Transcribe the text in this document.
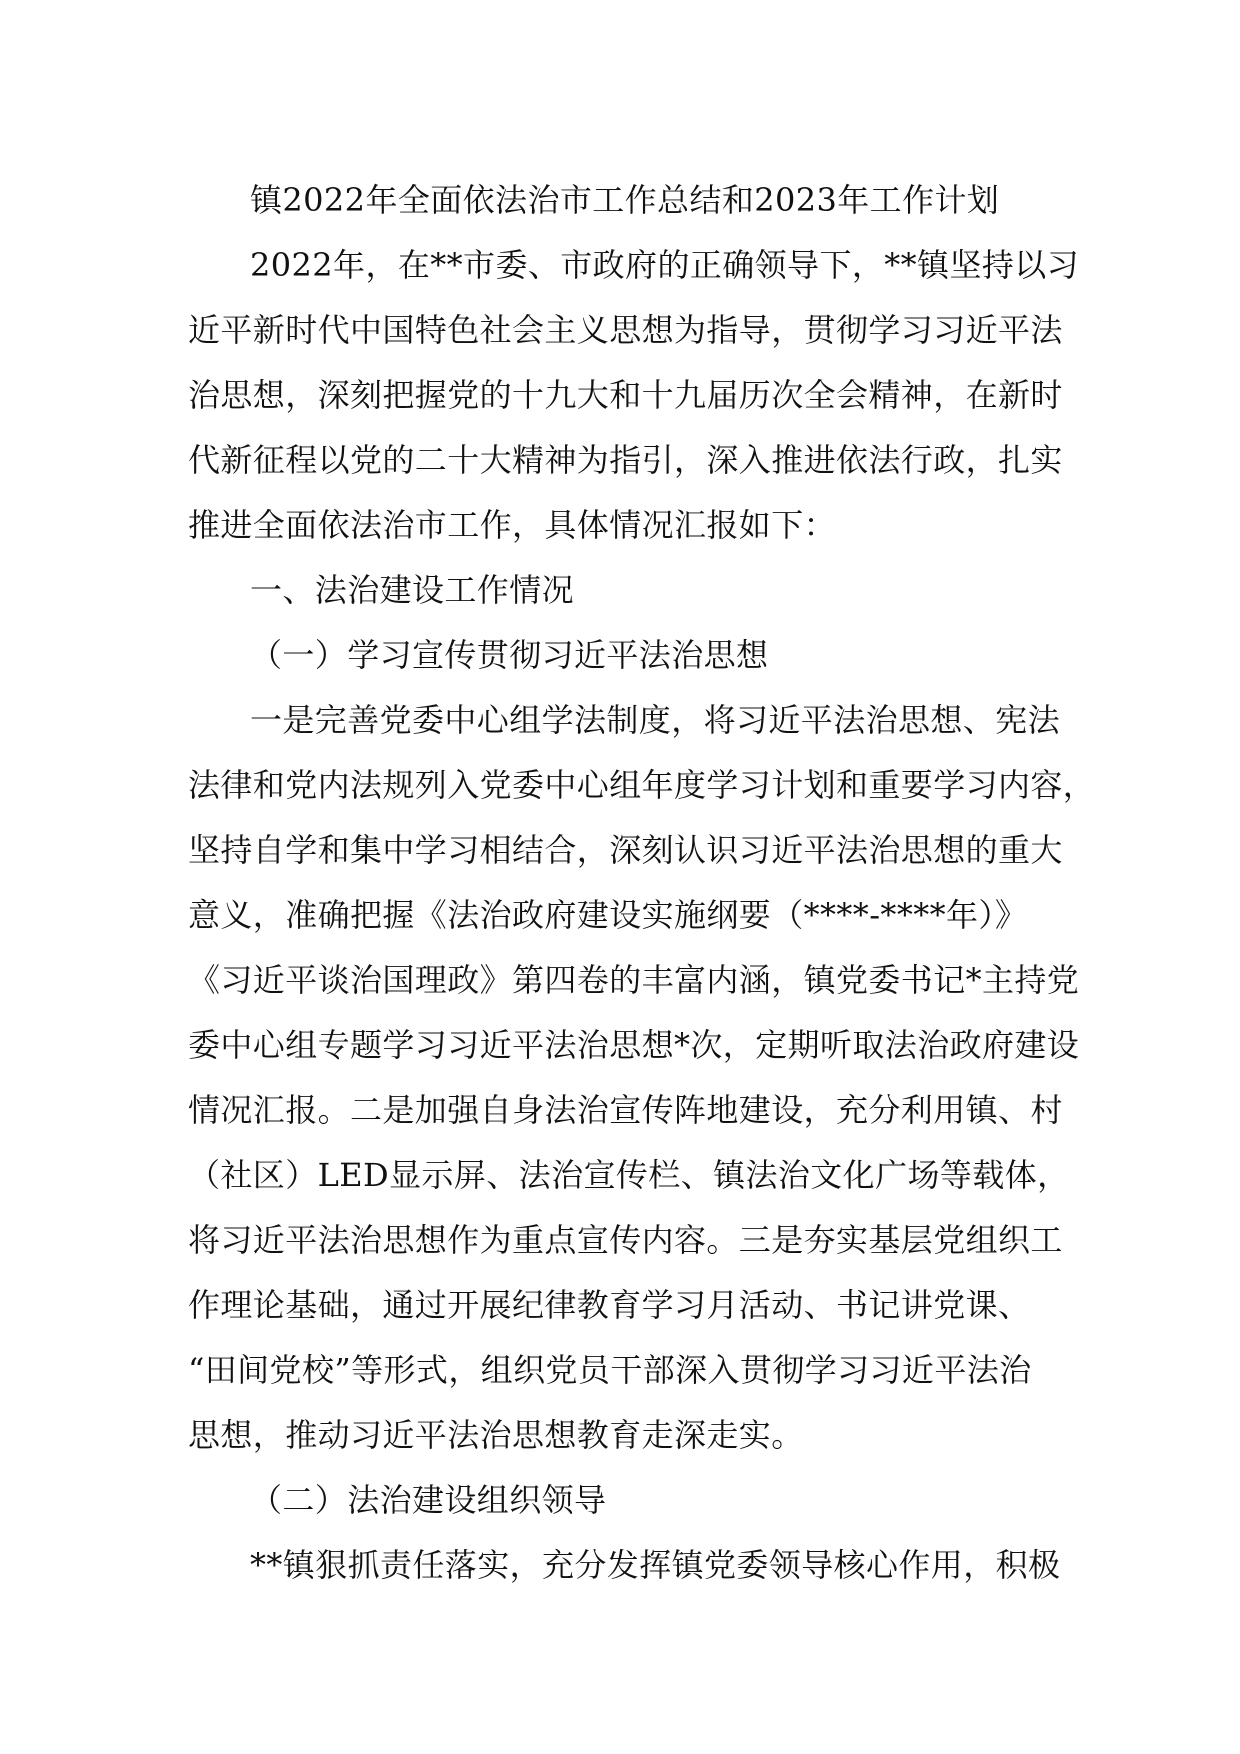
镇2022年全面依法治市工作总结和2023年工作计划
2022年，在**市委、市政府的正确领导下，**镇坚持以习
近平新时代中国特色社会主义思想为指导，贯彻学习习近平法
治思想，深刻把握党的十九大和十九届历次全会精神，在新时
代新征程以党的二十大精神为指引，深入推进依法行政，扎实
推进全面依法治市工作，具体情况汇报如下：
一、法治建设工作情况
（一）学习宣传贯彻习近平法治思想
一是完善党委中心组学法制度，将习近平法治思想、宪法
法律和党内法规列入党委中心组年度学习计划和重要学习内容，
坚持自学和集中学习相结合，深刻认识习近平法治思想的重大
意义，准确把握《法治政府建设实施纲要（****-****年）》
《习近平谈治国理政》第四卷的丰富内涵，镇党委书记*主持党
委中心组专题学习习近平法治思想*次，定期听取法治政府建设
情况汇报。二是加强自身法治宣传阵地建设，充分利用镇、村
（社区）LED显示屏、法治宣传栏、镇法治文化广场等载体，
将习近平法治思想作为重点宣传内容。三是夯实基层党组织工
作理论基础，通过开展纪律教育学习月活动、书记讲党课、
“田间党校”等形式，组织党员干部深入贯彻学习习近平法治
思想，推动习近平法治思想教育走深走实。
（二）法治建设组织领导
**镇狠抓责任落实，充分发挥镇党委领导核心作用，积极
